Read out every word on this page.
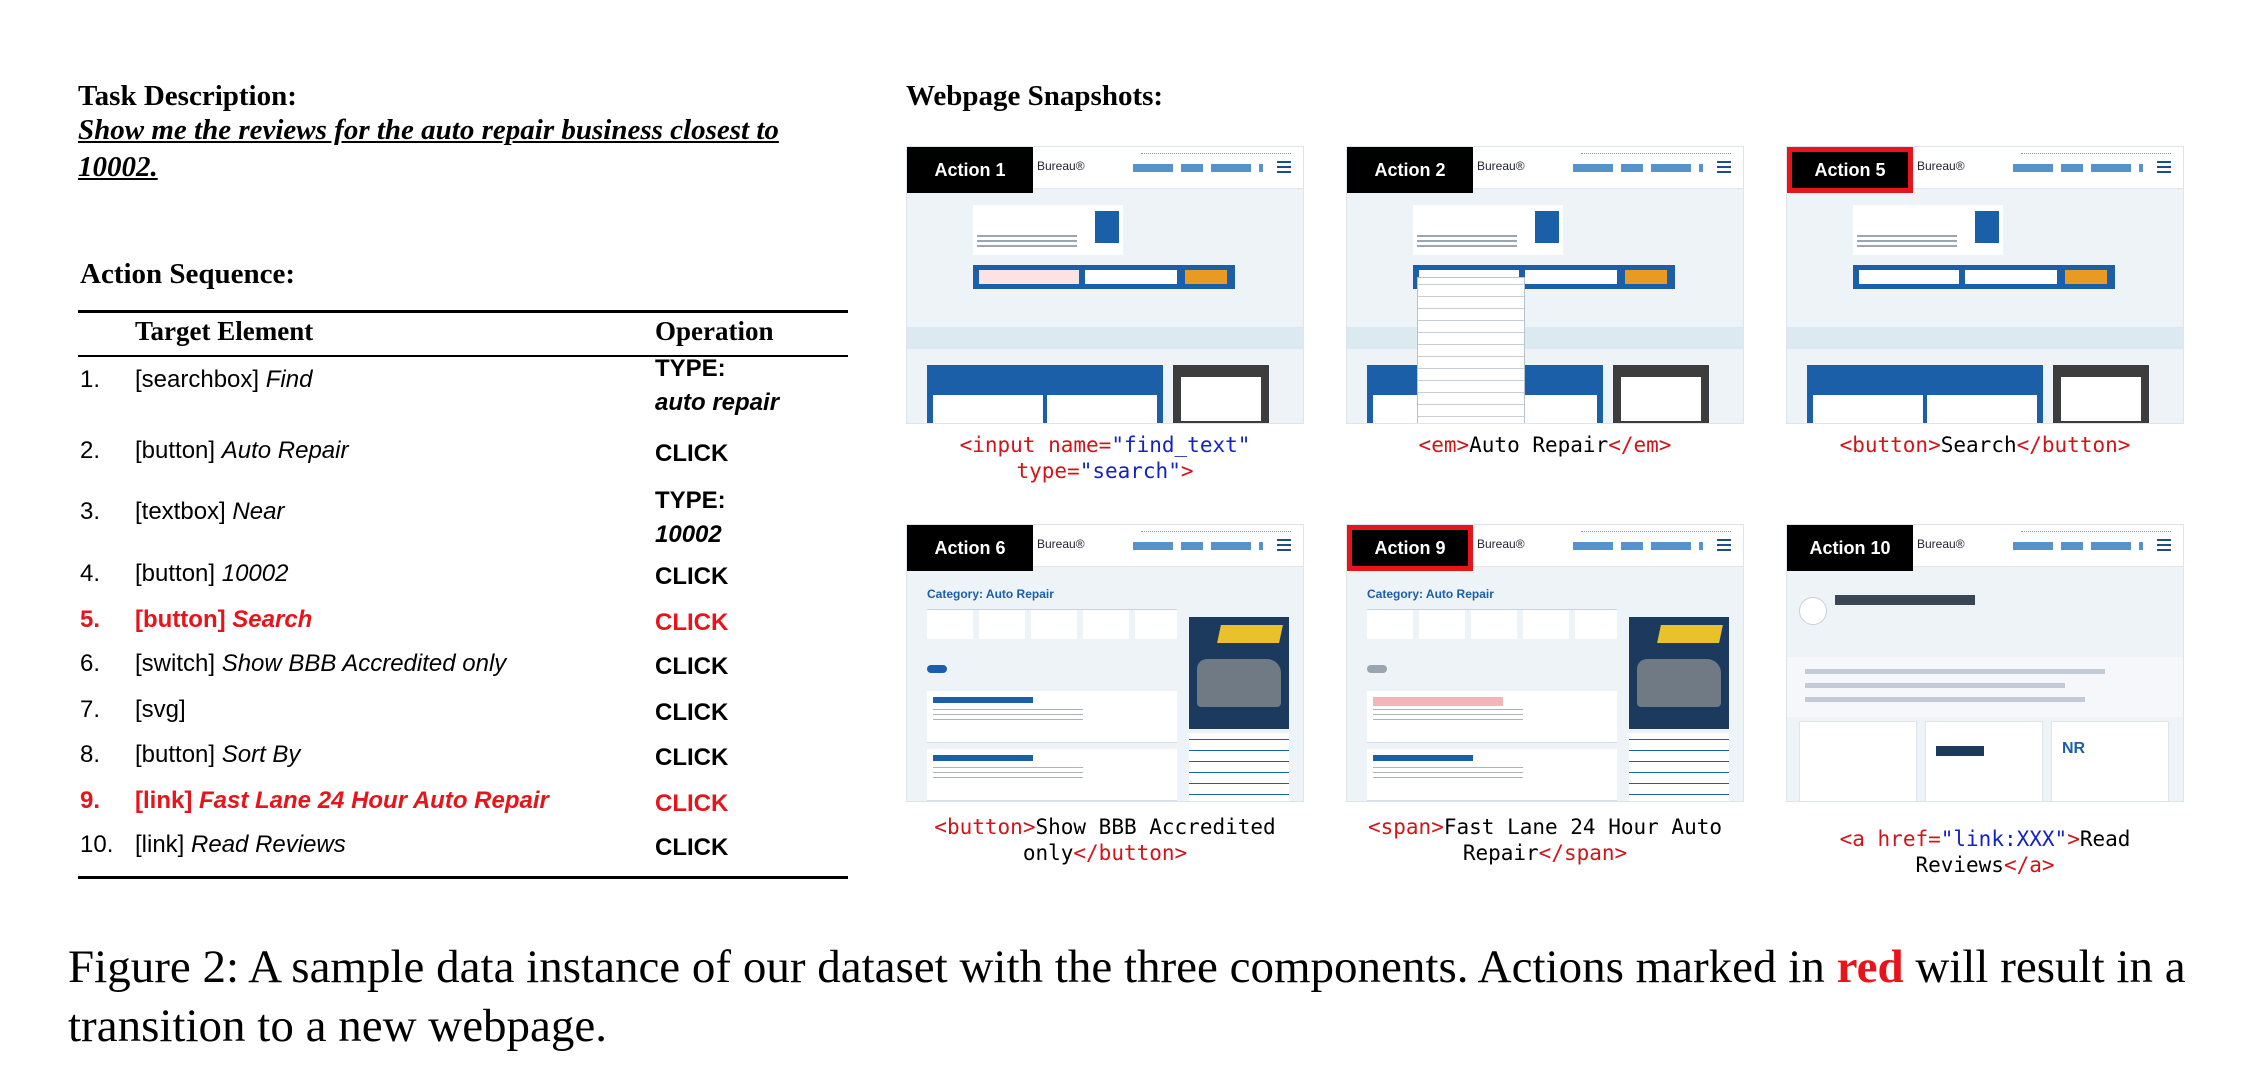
Task Description:
Show me the reviews for the auto repair business closest to 10002.
Action Sequence:
Target Element	Operation
1. [searchbox] Find	TYPE:
auto repair
2. [button] Auto Repair	CLICK
3. [textbox] Near	TYPE:
10002
4. [button] 10002	CLICK
5. [button] Search	CLICK
6. [switch] Show BBB Accredited only	CLICK
7. [svg]	CLICK
8. [button] Sort By	CLICK
9. [link] Fast Lane 24 Hour Auto Repair	CLICK
10. [link] Read Reviews	CLICK
Webpage Snapshots:
Bureau®
Action 1	Bureau®
Action 2	Bureau®
Action 5
Bureau®
Category: Auto Repair
Action 6	Bureau®
Category: Auto Repair
Action 9	Bureau®
NR
Action 10
<input name="find_text"
type="search">
<em>Auto Repair</em>	<button>Search</button>
<button>Show BBB Accredited only</button>
<span>Fast Lane 24 Hour Auto Repair</span>
<a href="link:XXX">Read Reviews</a>
Figure 2: A sample data instance of our dataset with the three components. Actions marked in red will result in a transition to a new webpage.
